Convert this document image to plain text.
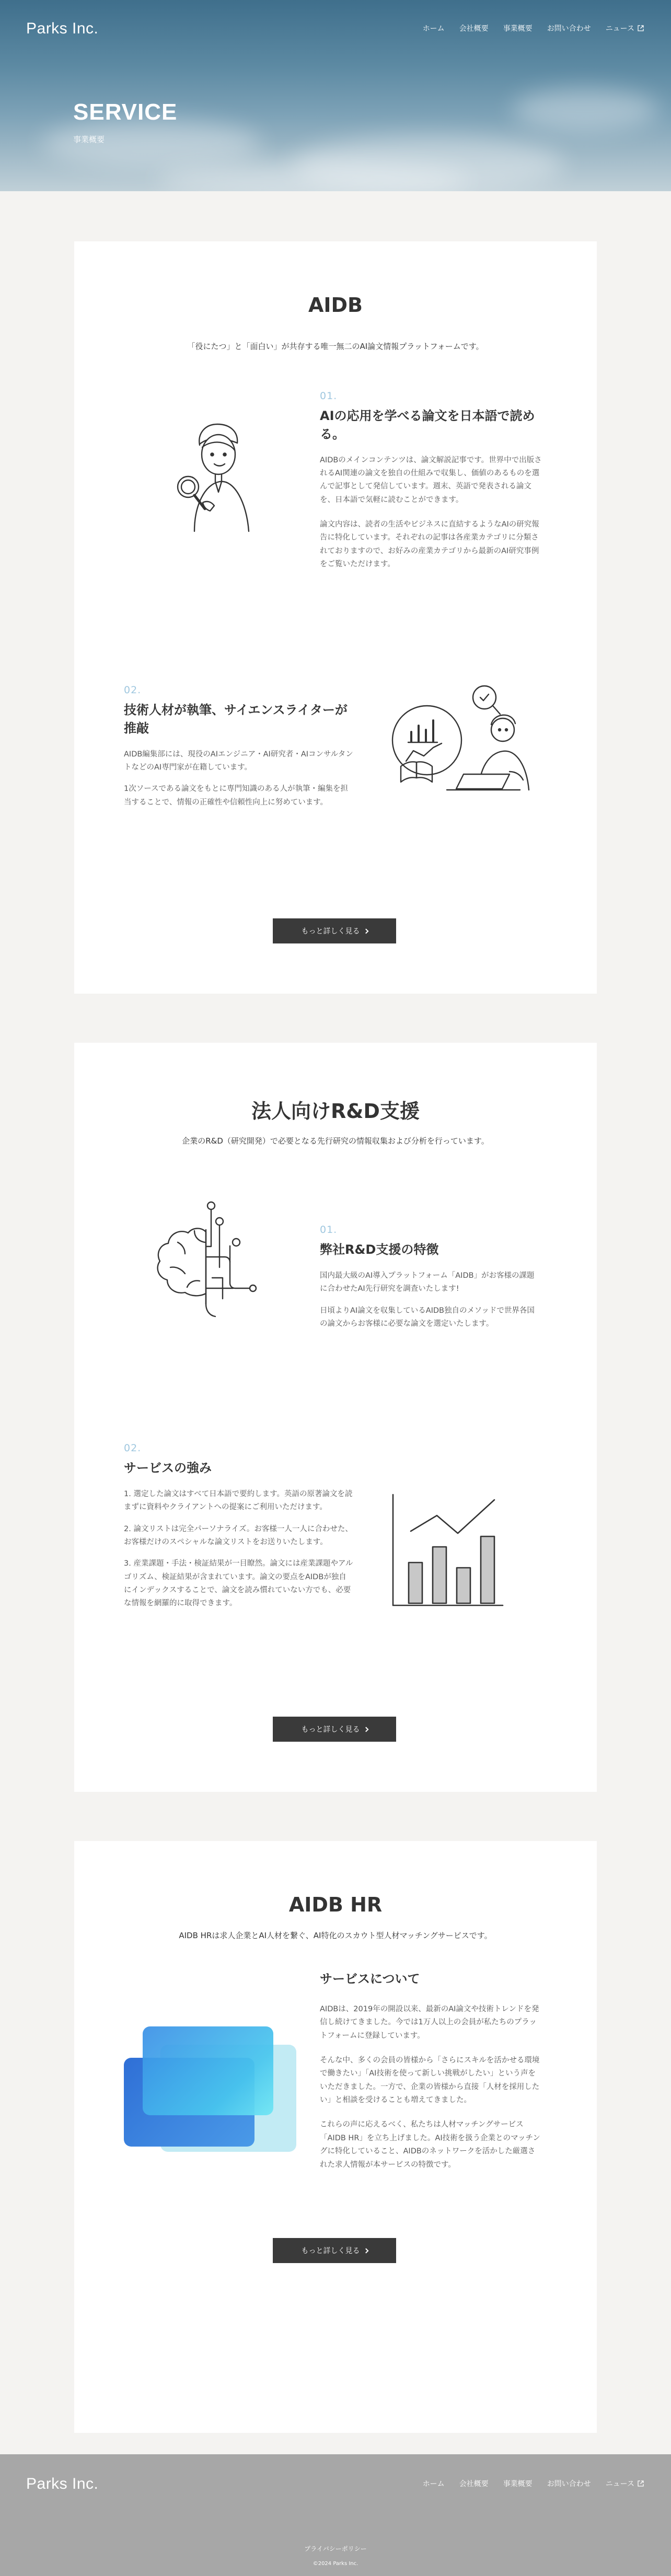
Parks Inc.	ホーム 会社概要 事業概要 お問い合わせ ニュース
SERVICE
事業概要
AIDB

「役にたつ」と「面白い」が共存する唯一無二のAI論文情報プラットフォームです。

01.
AIの応用を学べる論文を日本語で読める。

AIDBのメインコンテンツは、論文解説記事です。世界中で出版されるAI関連の論文を独自の仕組みで収集し、価値のあるものを選んで記事として発信しています。週末、英語で発表される論文を、日本語で気軽に読むことができます。

論文内容は、読者の生活やビジネスに直結するようなAIの研究報告に特化しています。それぞれの記事は各産業カテゴリに分類されておりますので、お好みの産業カテゴリから最新のAI研究事例をご覧いただけます。

02.
技術人材が執筆、サイエンスライターが推敲

AIDB編集部には、現役のAIエンジニア・AI研究者・AIコンサルタントなどのAI専門家が在籍しています。

1次ソースである論文をもとに専門知識のある人が執筆・編集を担当することで、情報の正確性や信頼性向上に努めています。

もっと詳しく見る
法人向けR&D支援

企業のR&D（研究開発）で必要となる先行研究の情報収集および分析を行っています。

01.
弊社R&D支援の特徴

国内最大級のAI導入プラットフォーム「AIDB」がお客様の課題に合わせたAI先行研究を調査いたします!

日頃よりAI論文を収集しているAIDB独自のメソッドで世界各国の論文からお客様に必要な論文を選定いたします。

02.
サービスの強み

1. 選定した論文はすべて日本語で要約します。英語の原著論文を読まずに資料やクライアントへの提案にご利用いただけます。

2. 論文リストは完全パーソナライズ。お客様一人一人に合わせた、お客様だけのスペシャルな論文リストをお送りいたします。

3. 産業課題・手法・検証結果が一目瞭然。論文には産業課題やアルゴリズム、検証結果が含まれています。論文の要点をAIDBが独自にインデックスすることで、論文を読み慣れていない方でも、必要な情報を網羅的に取得できます。

もっと詳しく見る
AIDB HR

AIDB HRは求人企業とAI人材を繋ぐ、AI特化のスカウト型人材マッチングサービスです。

サービスについて

AIDBは、2019年の開設以来、最新のAI論文や技術トレンドを発信し続けてきました。今では1万人以上の会員が私たちのプラットフォームに登録しています。

そんな中、多くの会員の皆様から「さらにスキルを活かせる環境で働きたい」「AI技術を使って新しい挑戦がしたい」という声をいただきました。一方で、企業の皆様から直接「人材を採用したい」と相談を受けることも増えてきました。

これらの声に応えるべく、私たちは人材マッチングサービス「AIDB HR」を立ち上げました。AI技術を扱う企業とのマッチングに特化していること、AIDBのネットワークを活かした厳選された求人情報が本サービスの特徴です。

もっと詳しく見る
Parks Inc.	ホーム 会社概要 事業概要 お問い合わせ ニュース
プライバシーポリシー
©2024 Parks Inc.
